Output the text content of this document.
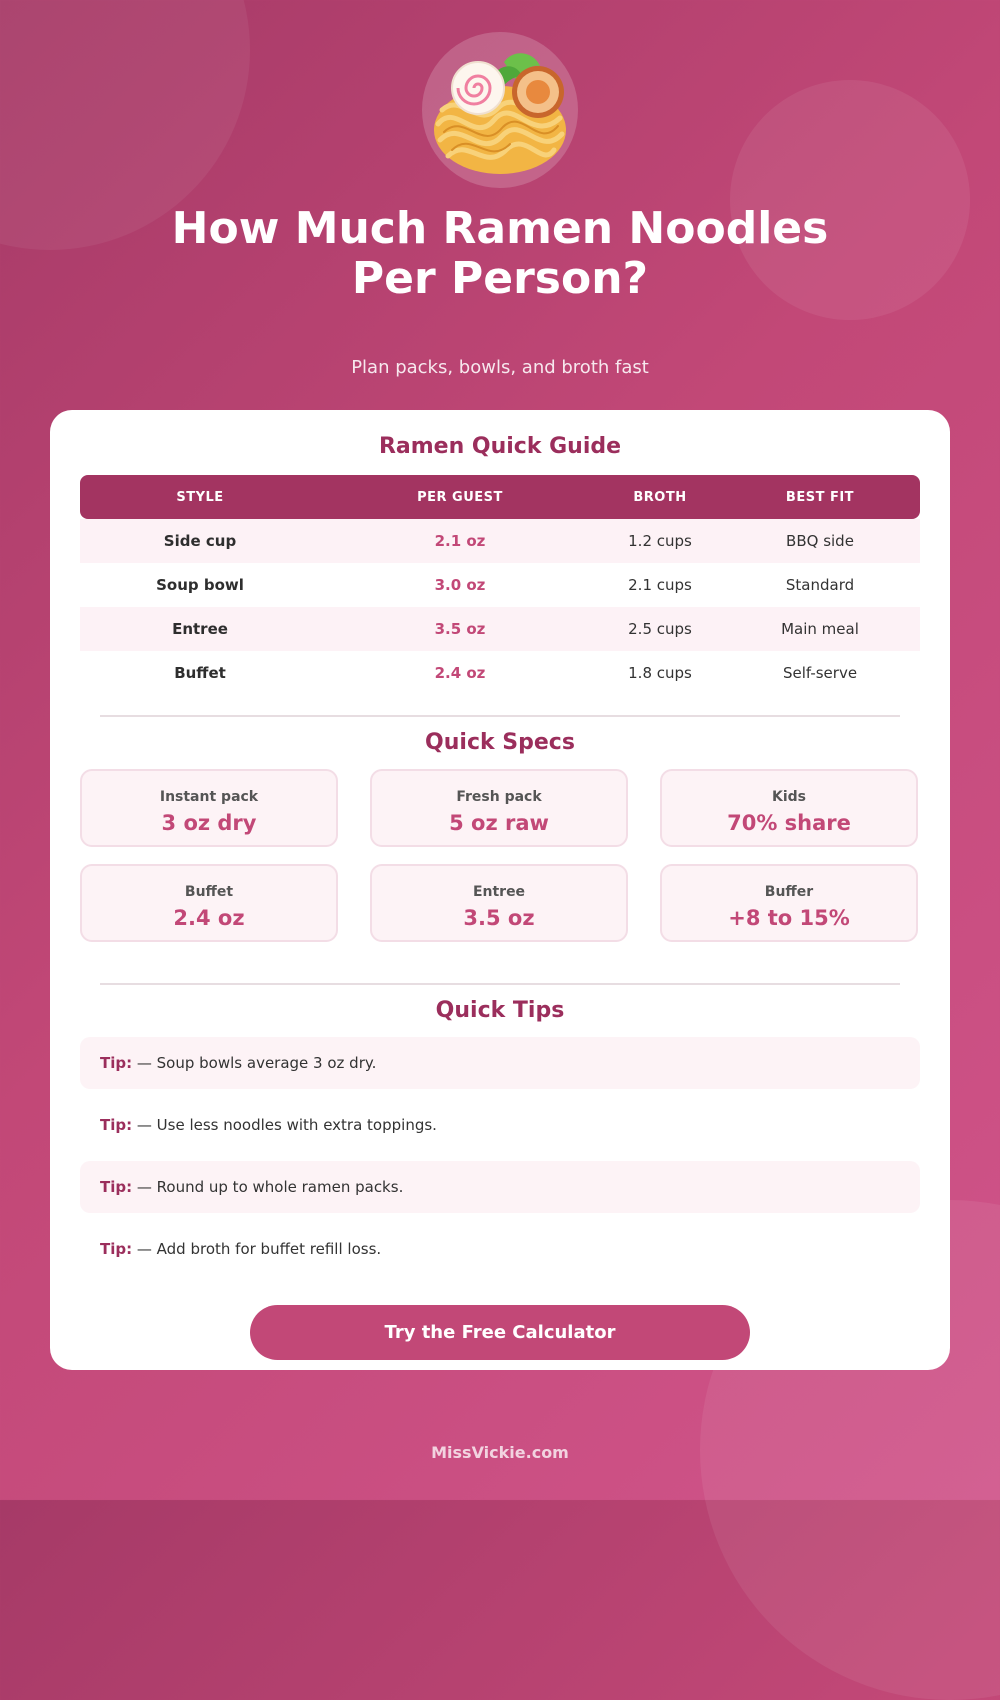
How Much Ramen Noodles
Per Person?
Plan packs, bowls, and broth fast
Ramen Quick Guide
STYLE	PER GUEST	BROTH	BEST FIT
Side cup	2.1 oz	1.2 cups	BBQ side
Soup bowl	3.0 oz	2.1 cups	Standard
Entree	3.5 oz	2.5 cups	Main meal
Buffet	2.4 oz	1.8 cups	Self-serve
Quick Specs
Instant pack
3 oz dry
Fresh pack
5 oz raw
Kids
70% share
Buffet
2.4 oz
Entree
3.5 oz
Buffer
+8 to 15%
Quick Tips
Tip: — Soup bowls average 3 oz dry.
Tip: — Use less noodles with extra toppings.
Tip: — Round up to whole ramen packs.
Tip: — Add broth for buffet refill loss.
Try the Free Calculator
MissVickie.com
